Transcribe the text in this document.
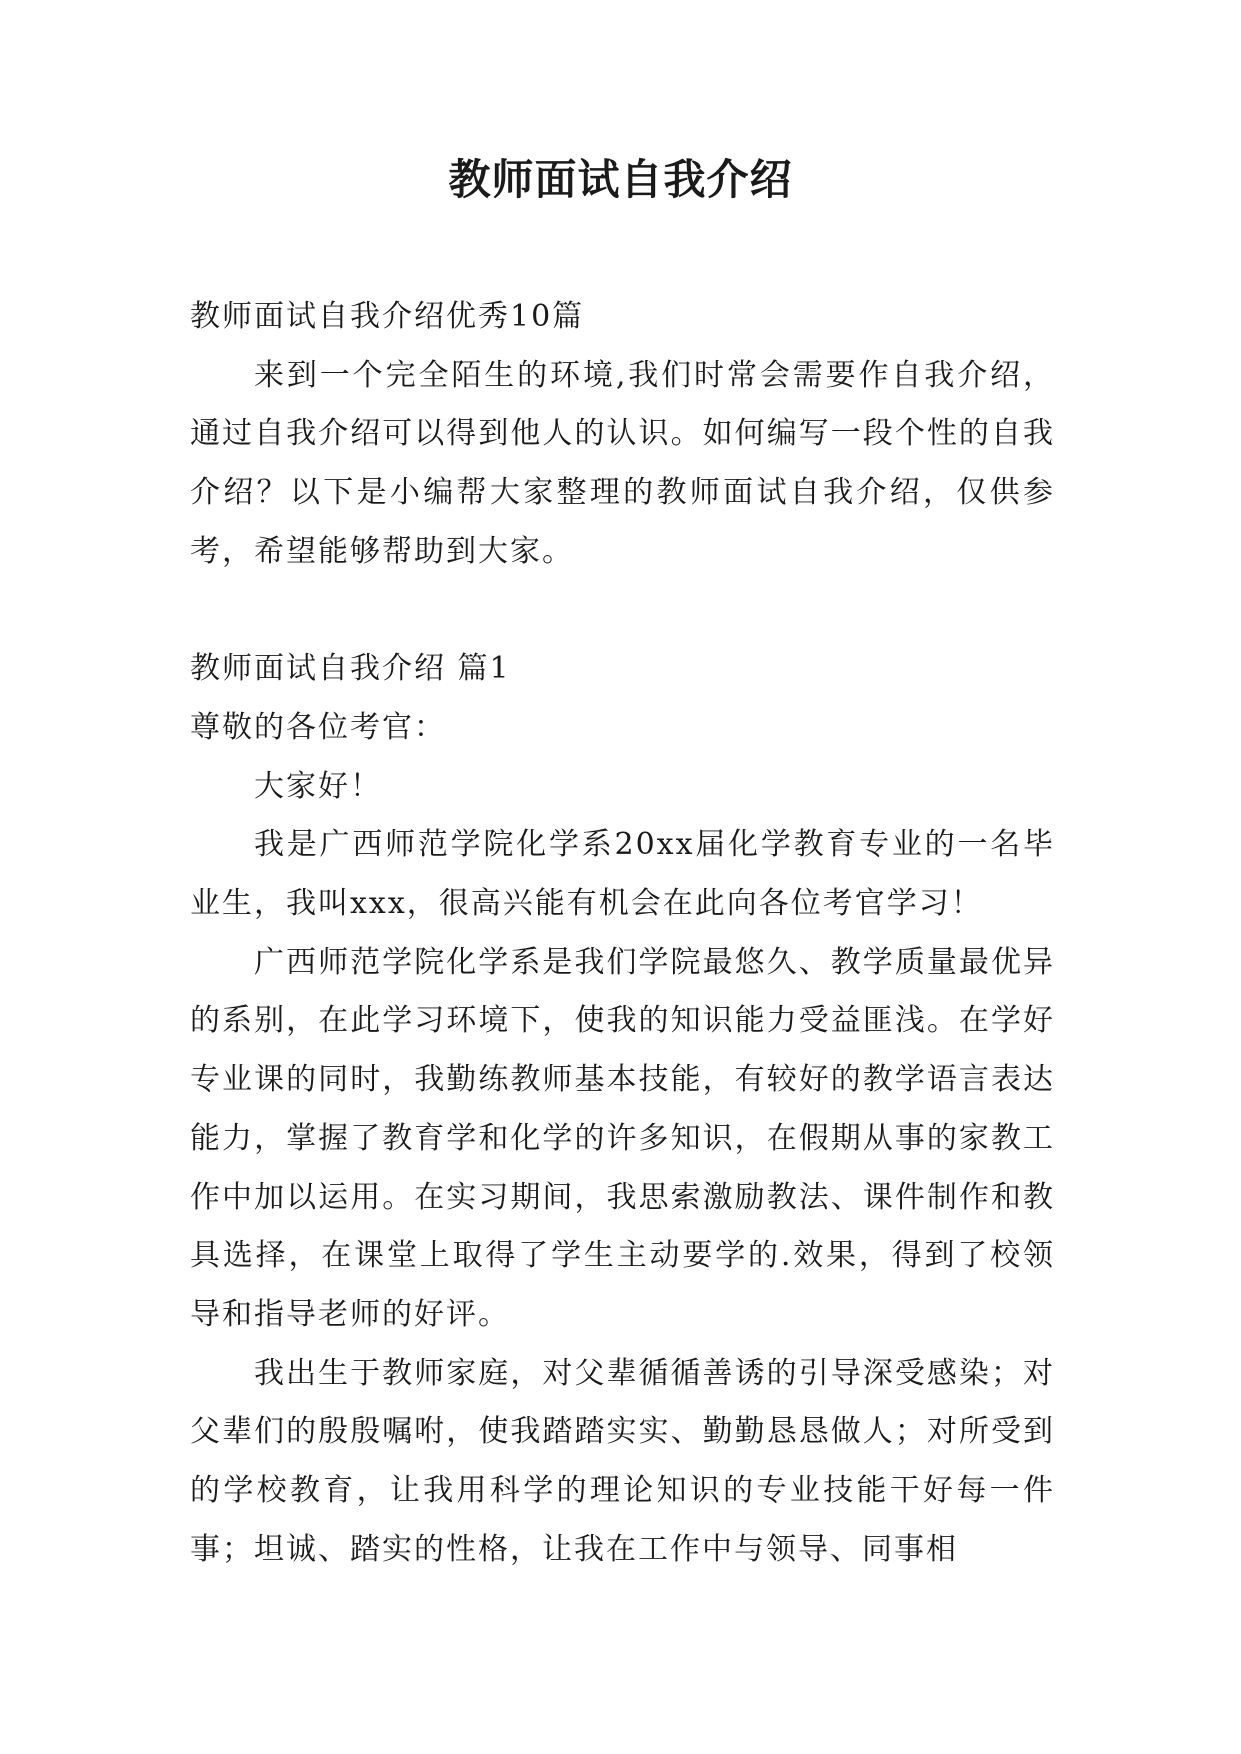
教师面试自我介绍

教师面试自我介绍优秀10篇

来到一个完全陌生的环境,我们时常会需要作自我介绍，通过自我介绍可以得到他人的认识。如何编写一段个性的自我介绍？以下是小编帮大家整理的教师面试自我介绍，仅供参考，希望能够帮助到大家。

教师面试自我介绍 篇1

尊敬的各位考官：

大家好！

我是广西师范学院化学系20xx届化学教育专业的一名毕业生，我叫xxx，很高兴能有机会在此向各位考官学习！

广西师范学院化学系是我们学院最悠久、教学质量最优异的系别，在此学习环境下，使我的知识能力受益匪浅。在学好专业课的同时，我勤练教师基本技能，有较好的教学语言表达能力，掌握了教育学和化学的许多知识，在假期从事的家教工作中加以运用。在实习期间，我思索激励教法、课件制作和教具选择，在课堂上取得了学生主动要学的.效果，得到了校领导和指导老师的好评。

我出生于教师家庭，对父辈循循善诱的引导深受感染；对父辈们的殷殷嘱咐，使我踏踏实实、勤勤恳恳做人；对所受到的学校教育，让我用科学的理论知识的专业技能干好每一件事；坦诚、踏实的性格，让我在工作中与领导、同事相
